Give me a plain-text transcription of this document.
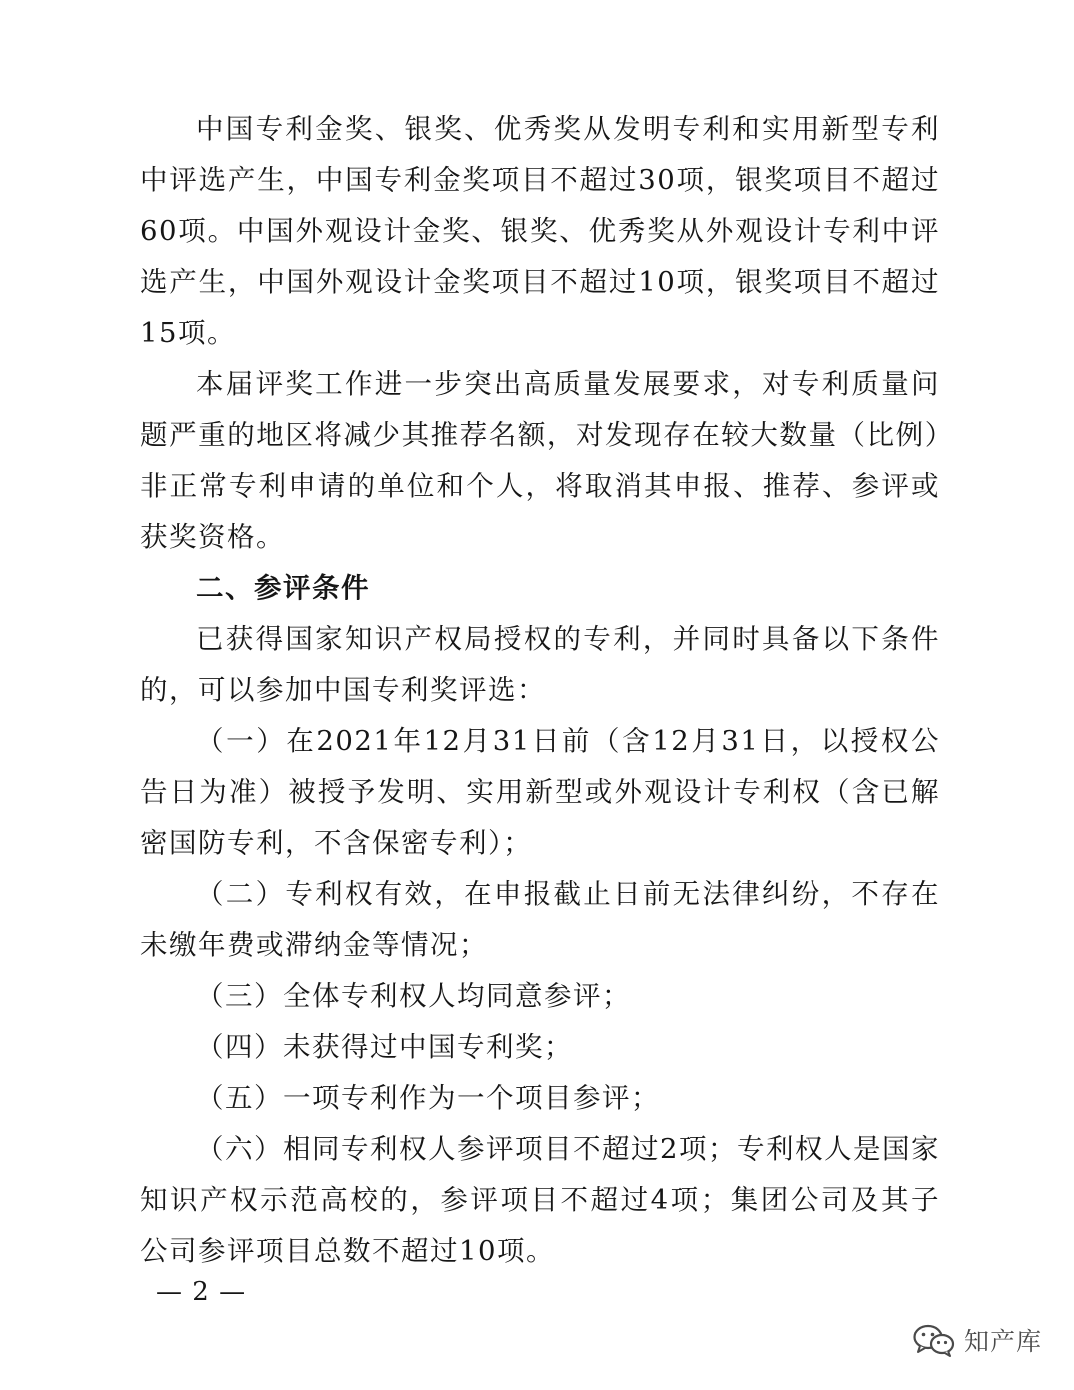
中国专利金奖、银奖、优秀奖从发明专利和实用新型专利中评选产生，中国专利金奖项目不超过30项，银奖项目不超过60项。中国外观设计金奖、银奖、优秀奖从外观设计专利中评选产生，中国外观设计金奖项目不超过10项，银奖项目不超过15项。

本届评奖工作进一步突出高质量发展要求，对专利质量问题严重的地区将减少其推荐名额，对发现存在较大数量（比例）非正常专利申请的单位和个人，将取消其申报、推荐、参评或获奖资格。

二、参评条件

已获得国家知识产权局授权的专利，并同时具备以下条件的，可以参加中国专利奖评选：

（一）在2021年12月31日前（含12月31日，以授权公告日为准）被授予发明、实用新型或外观设计专利权（含已解密国防专利，不含保密专利）；

（二）专利权有效，在申报截止日前无法律纠纷，不存在未缴年费或滞纳金等情况；

（三）全体专利权人均同意参评；

（四）未获得过中国专利奖；

（五）一项专利作为一个项目参评；

（六）相同专利权人参评项目不超过2项；专利权人是国家知识产权示范高校的，参评项目不超过4项；集团公司及其子公司参评项目总数不超过10项。

— 2 —
知产库
